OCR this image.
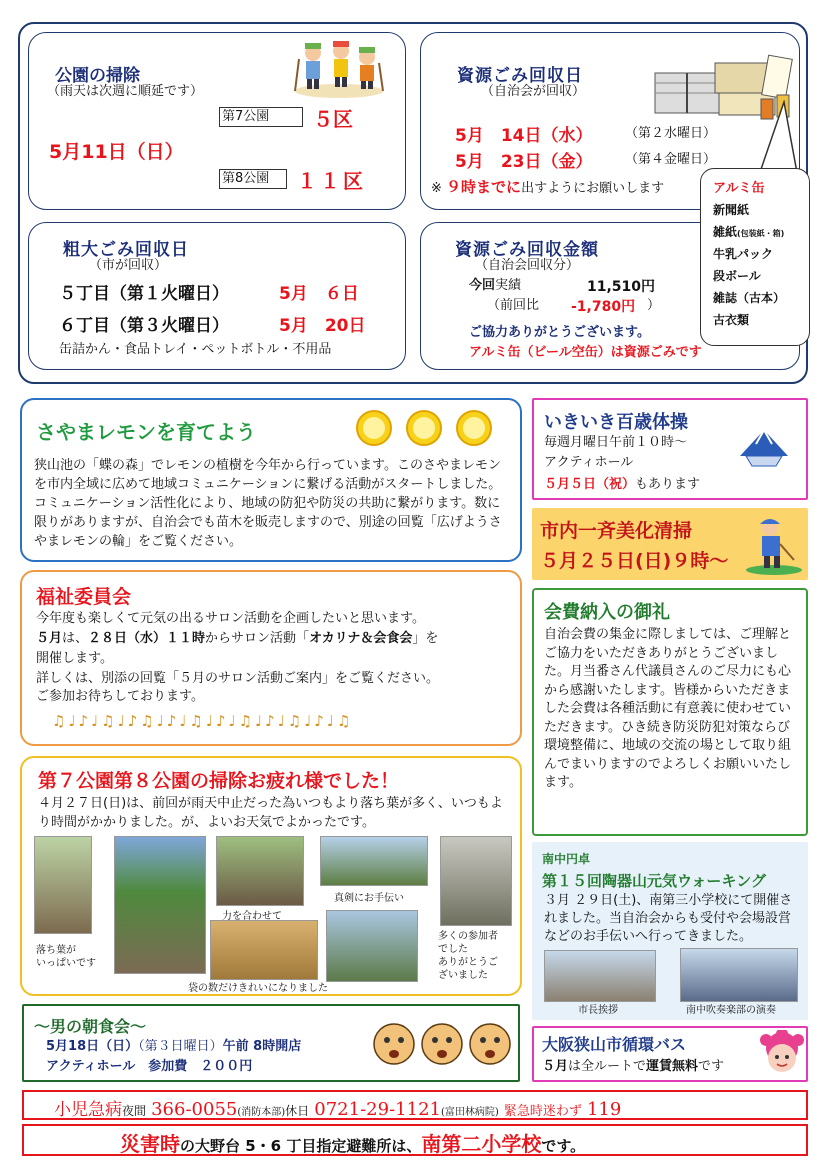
公園の掃除
（雨天は次週に順延です）
第7公園	５区
5月11日（日）
第8公園	１１区
資源ごみ回収日
（自治会が回収）
5月　14日（水）	（第２水曜日）
5月　23日（金）	（第４金曜日）
※ ９時までに出すようにお願いします
粗大ごみ回収日
（市が回収）
５丁目（第１火曜日）	5月　６日
６丁目（第３火曜日）	5月　20日
缶詰かん・食品トレイ・ペットボトル・不用品
資源ごみ回収金額
（自治会回収分）
今回実績	11,510円
（前回比 -1,780円 ）
ご協力ありがとうございます。
アルミ缶（ビール空缶）は資源ごみです
アルミ缶
新聞紙
雑紙(包装紙・箱)
牛乳パック
段ボール
雑誌（古本）
古衣類
さやまレモンを育てよう
狭山池の「蝶の森」でレモンの植樹を今年から行っています。このさやまレモンを市内全域に広めて地域コミュニケーションに繋げる活動がスタートしました。コミュニケーション活性化により、地域の防犯や防災の共助に繋がります。数に限りがありますが、自治会でも苗木を販売しますので、別途の回覧「広げようさやまレモンの輪」をご覧ください。
いきいき百歳体操
毎週月曜日午前１０時～
アクティホール
５月５日（祝）もあります
市内一斉美化清掃
５月２５日(日)９時～
福祉委員会
今年度も楽しくて元気の出るサロン活動を企画したいと思います。
５月は、２８日（水）１１時からサロン活動「オカリナ＆会食会」を
開催します。
詳しくは、別添の回覧「５月のサロン活動ご案内」をご覧ください。
ご参加お待ちしております。
♫♩♪♩♫♩♪♫♩♪♩♫♩♪♩♫♩♪♩♫♩♪♩♫
会費納入の御礼
自治会費の集金に際しましては、ご理解とご協力をいただきありがとうございました。月当番さん代議員さんのご尽力にも心から感謝いたします。皆様からいただきました会費は各種活動に有意義に使わせていただきます。ひき続き防災防犯対策ならび環境整備に、地域の交流の場として取り組んでまいりますのでよろしくお願いいたします。
第７公園第８公園の掃除お疲れ様でした！
４月２７日(日)は、前回が雨天中止だった為いつもより落ち葉が多く、いつもより時間がかかりました。が、よいお天気でよかったです。
落ち葉が
いっぱいです
力を合わせて
真剣にお手伝い
袋の数だけきれいになりました
多くの参加者
でした
ありがとうご
ざいました
南中円卓
第１５回陶器山元気ウォーキング
３月 ２９日(土)、南第三小学校にて開催されました。当自治会からも受付や会場設営などのお手伝いへ行ってきました。
市長挨拶	南中吹奏楽部の演奏
～男の朝食会～
5月18日（日）（第３日曜日）午前 8時開店
アクティホール　参加費　２００円
大阪狭山市循環バス
５月は全ルートで運賃無料です
小児急病夜間 366-0055(消防本部)休日 0721-29-1121(富田林病院) 緊急時迷わず 119
災害時の大野台 5・6 丁目指定避難所は、南第二小学校です。
